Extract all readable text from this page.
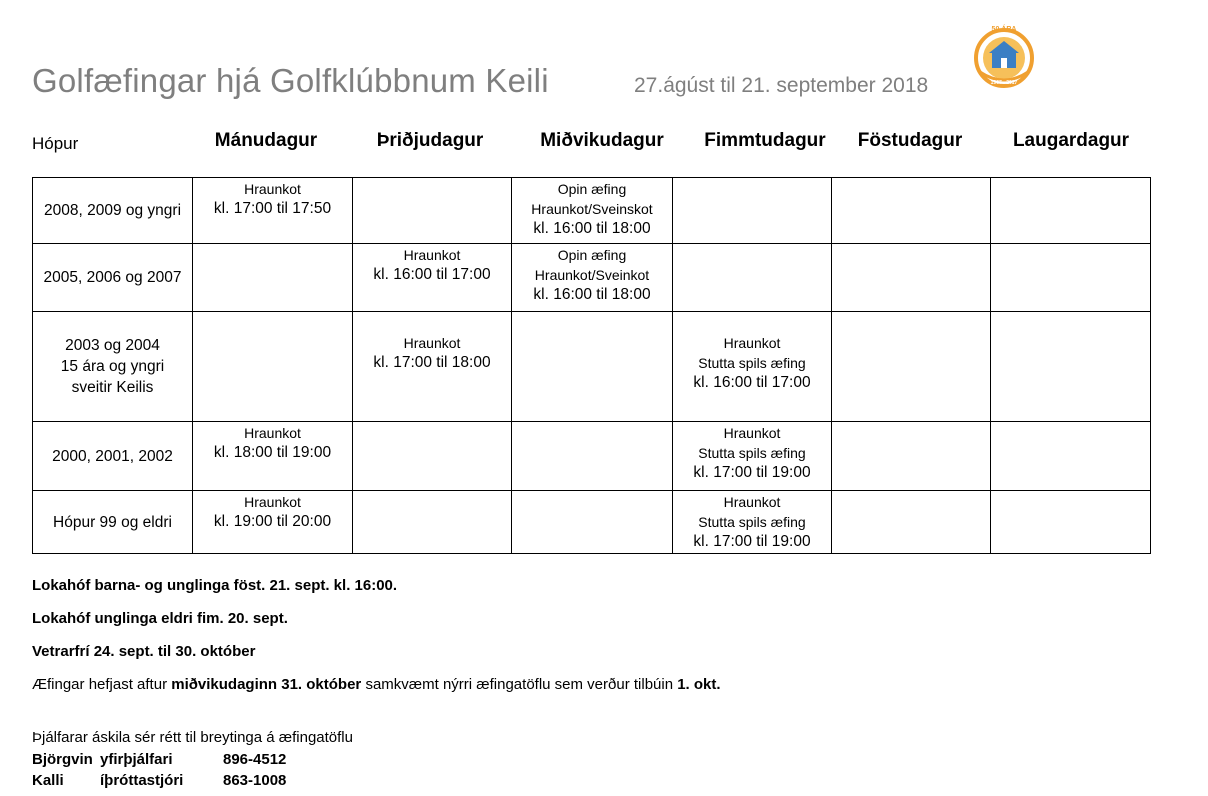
Golfæfingar hjá Golfklúbbnum Keili	27.ágúst til 21. september 2018
50 ÁRA
1967 - 2017
Hópur	Mánudagur	Þriðjudagur	Miðvikudagur	Fimmtudagur	Föstudagur	Laugardagur
2008, 2009 og yngri	Hraunkot
kl. 17:00 til 17:50		Opin æfing
Hraunkot/Sveinskot
kl. 16:00 til 18:00			

2005, 2006 og 2007		Hraunkot
kl. 16:00 til 17:00	Opin æfing
Hraunkot/Sveinkot
kl. 16:00 til 18:00			

2003 og 2004
15 ára og yngri
sveitir Keilis		Hraunkot
kl. 17:00 til 18:00		Hraunkot
Stutta spils æfing
kl. 16:00 til 17:00		

2000, 2001, 2002	Hraunkot
kl. 18:00 til 19:00			Hraunkot
Stutta spils æfing
kl. 17:00 til 19:00		

Hópur 99 og eldri	Hraunkot
kl. 19:00 til 20:00			Hraunkot
Stutta spils æfing
kl. 17:00 til 19:00		

Lokahóf barna- og unglinga föst. 21. sept. kl. 16:00.
Lokahóf unglinga eldri fim. 20. sept.
Vetrarfrí 24. sept. til 30. október
Æfingar hefjast aftur miðvikudaginn 31. október samkvæmt nýrri æfingatöflu sem verður tilbúin 1. okt.
Þjálfarar áskila sér rétt til breytinga á æfingatöflu
Björgvin yfirþjálfari	896-4512
Kalli íþróttastjóri	863-1008
